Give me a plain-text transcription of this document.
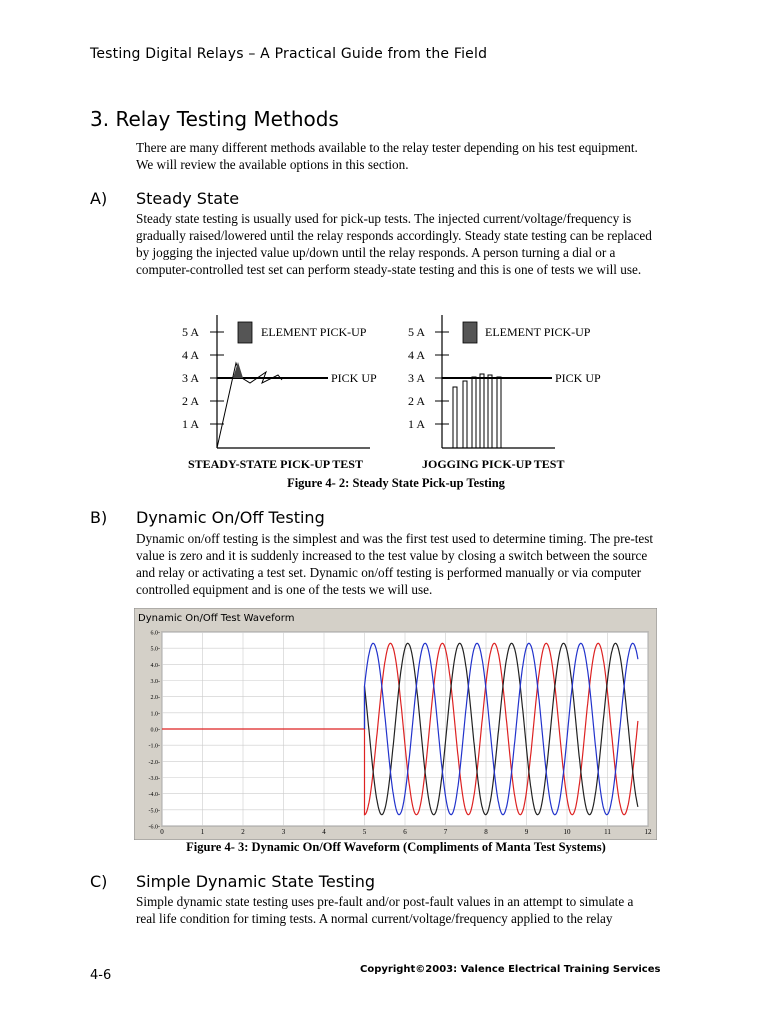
Testing Digital Relays – A Practical Guide from the Field
3. Relay Testing Methods

There are many different methods available to the relay tester depending on his test equipment. We will review the available options in this section.

A) Steady State

Steady state testing is usually used for pick-up tests. The injected current/voltage/frequency is gradually raised/lowered until the relay responds accordingly. Steady state testing can be replaced by jogging the injected value up/down until the relay responds. A person turning a dial or a computer-controlled test set can perform steady-state testing and this is one of tests we will use.

5 A
4 A
3 A
2 A
1 A
ELEMENT PICK-UP
PICK UP
5 A
4 A
3 A
2 A
1 A
ELEMENT PICK-UP
PICK UP
STEADY-STATE PICK-UP TEST	JOGGING PICK-UP TEST
Figure 4- 2: Steady State Pick-up Testing
B) Dynamic On/Off Testing

Dynamic on/off testing is the simplest and was the first test used to determine timing. The pre-test value is zero and it is suddenly increased to the test value by closing a switch between the source and relay or activating a test set. Dynamic on/off testing is performed manually or via computer controlled equipment and is one of the tests we will use.

Dynamic On/Off Test Waveform
6.0-
5.0-
4.0-
3.0-
2.0-
1.0-
0.0-
-1.0-
-2.0-
-3.0-
-4.0-
-5.0-
-6.0-
0	1	2	3	4	5	6	7	8	9	10	11	12
Figure 4- 3: Dynamic On/Off Waveform (Compliments of Manta Test Systems)
C) Simple Dynamic State Testing

Simple dynamic state testing uses pre-fault and/or post-fault values in an attempt to simulate a real life condition for timing tests. A normal current/voltage/frequency applied to the relay

4-6	Copyright©2003: Valence Electrical Training Services
